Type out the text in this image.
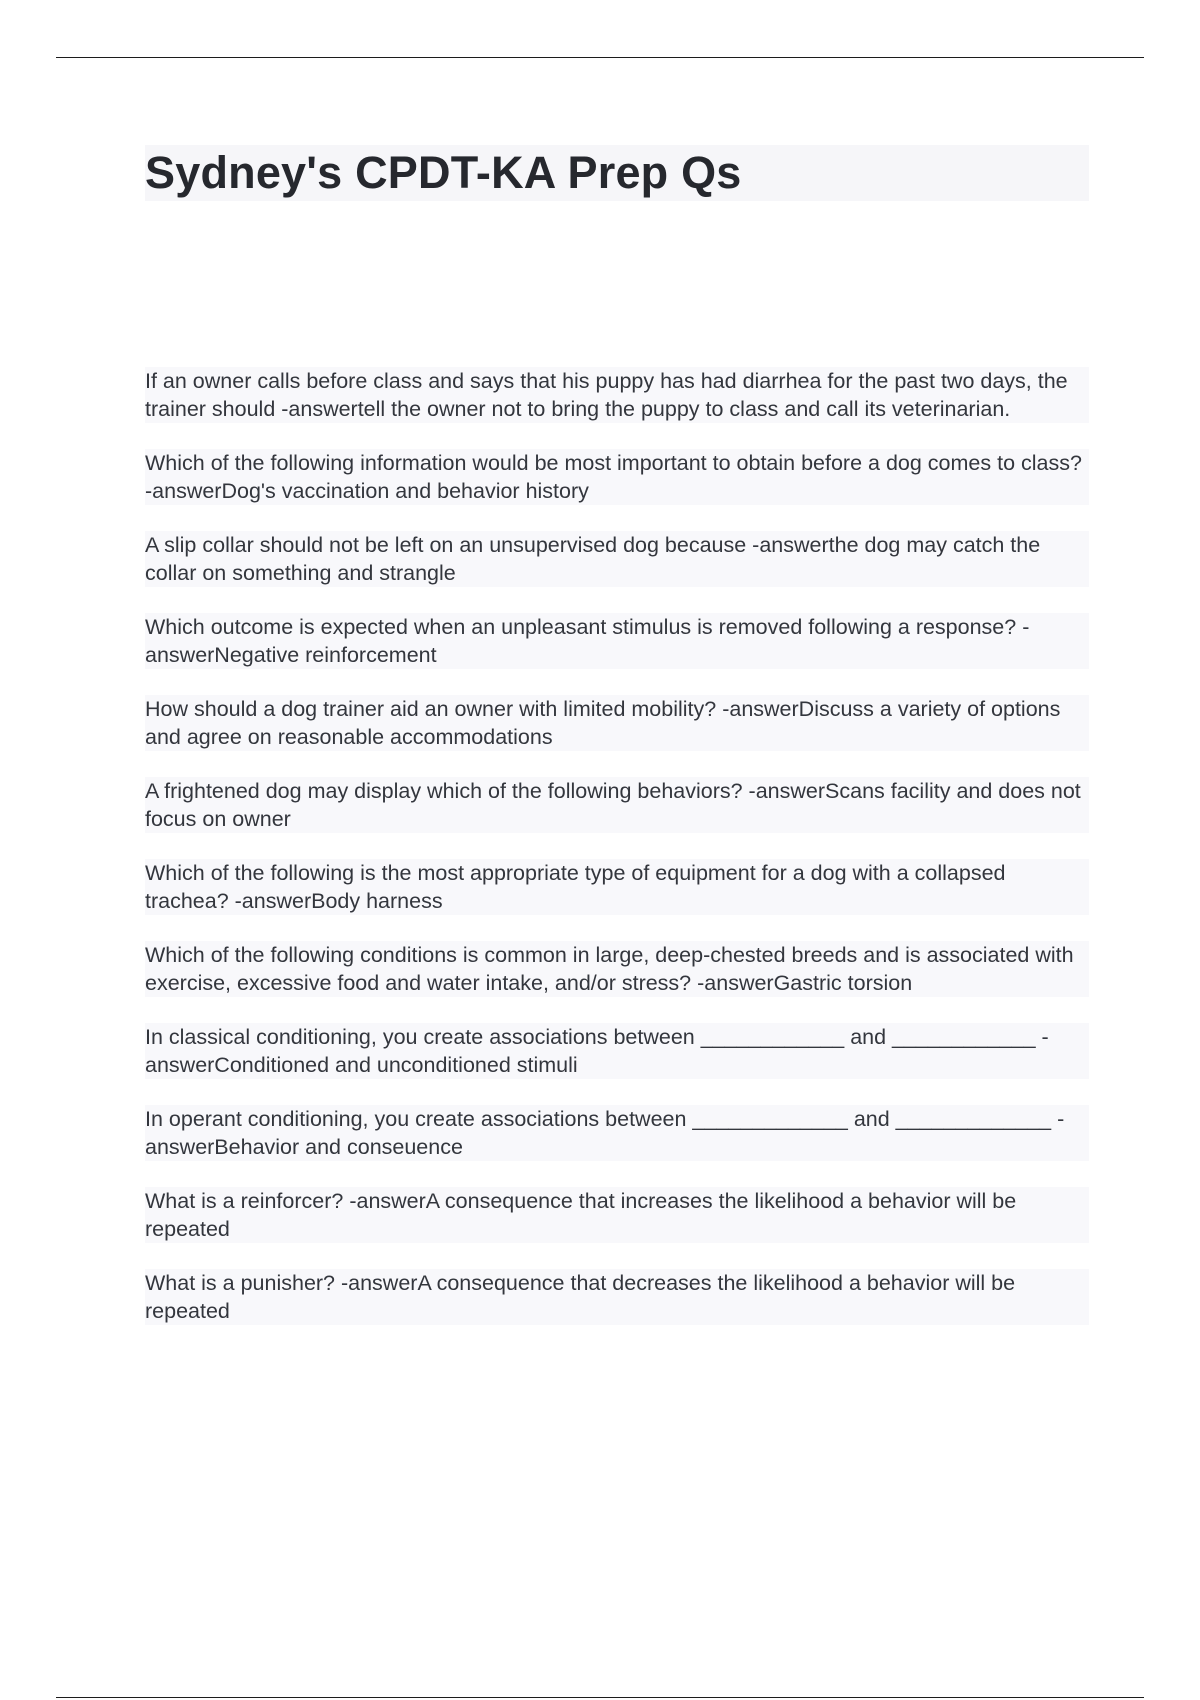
Sydney's CPDT-KA Prep Qs

If an owner calls before class and says that his puppy has had diarrhea for the past two days, the trainer should -answertell the owner not to bring the puppy to class and call its veterinarian.

Which of the following information would be most important to obtain before a dog comes to class? -answerDog's vaccination and behavior history

A slip collar should not be left on an unsupervised dog because -answerthe dog may catch the collar on something and strangle

Which outcome is expected when an unpleasant stimulus is removed following a response? -answerNegative reinforcement

How should a dog trainer aid an owner with limited mobility? -answerDiscuss a variety of options and agree on reasonable accommodations

A frightened dog may display which of the following behaviors? -answerScans facility and does not focus on owner

Which of the following is the most appropriate type of equipment for a dog with a collapsed trachea? -answerBody harness

Which of the following conditions is common in large, deep-chested breeds and is associated with exercise, excessive food and water intake, and/or stress? -answerGastric torsion

In classical conditioning, you create associations between ____________ and ____________ -answerConditioned and unconditioned stimuli

In operant conditioning, you create associations between _____________ and _____________ -answerBehavior and conseuence

What is a reinforcer? -answerA consequence that increases the likelihood a behavior will be repeated

What is a punisher? -answerA consequence that decreases the likelihood a behavior will be repeated
